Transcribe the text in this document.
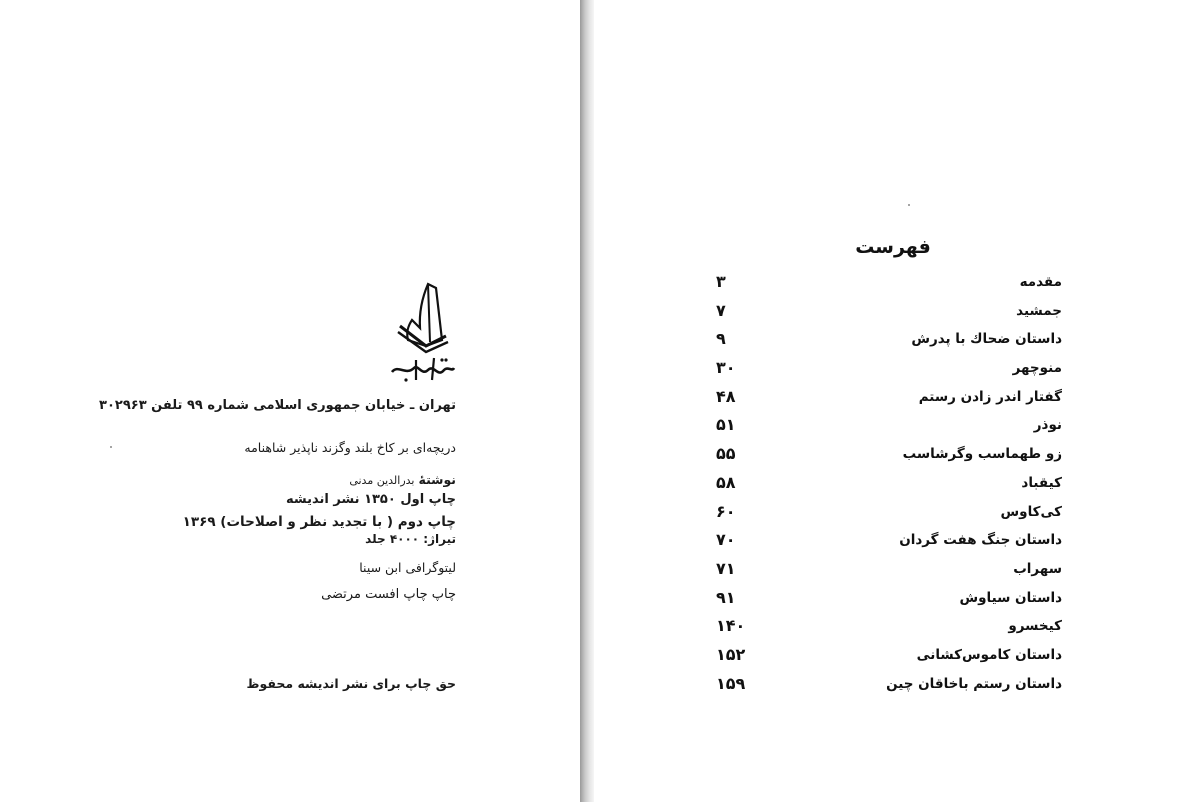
تهران ـ خیابان جمهوری اسلامی شماره ۹۹ تلفن ۳۰۲۹۶۳
دریچه‌ای بر کاخ بلند وگزند ناپذیر شاهنامه
نوشتهٔ بدرالدین مدنی
چاپ اول ۱۳۵۰ نشر اندیشه
چاپ دوم ( با تجدید نظر و اصلاحات) ۱۳۶۹
تیراژ: ۴۰۰۰ جلد
لیتوگرافی ابن سینا
چاپ چاپ افست مرتضی
حق چاپ برای نشر اندیشه محفوظ
فهرست
مقدمه
۳
جمشید
۷
داستان ضحاك با پدرش
۹
منوچهر
۳۰
گفتار اندر زادن رستم
۴۸
نوذر
۵۱
زو طهماسب وگرشاسب
۵۵
کیقباد
۵۸
کی‌کاوس
۶۰
داستان جنگ هفت گردان
۷۰
سهراب
۷۱
داستان سیاوش
۹۱
کیخسرو
۱۴۰
داستان کاموس‌کشانی
۱۵۲
داستان رستم باخاقان چین
۱۵۹
